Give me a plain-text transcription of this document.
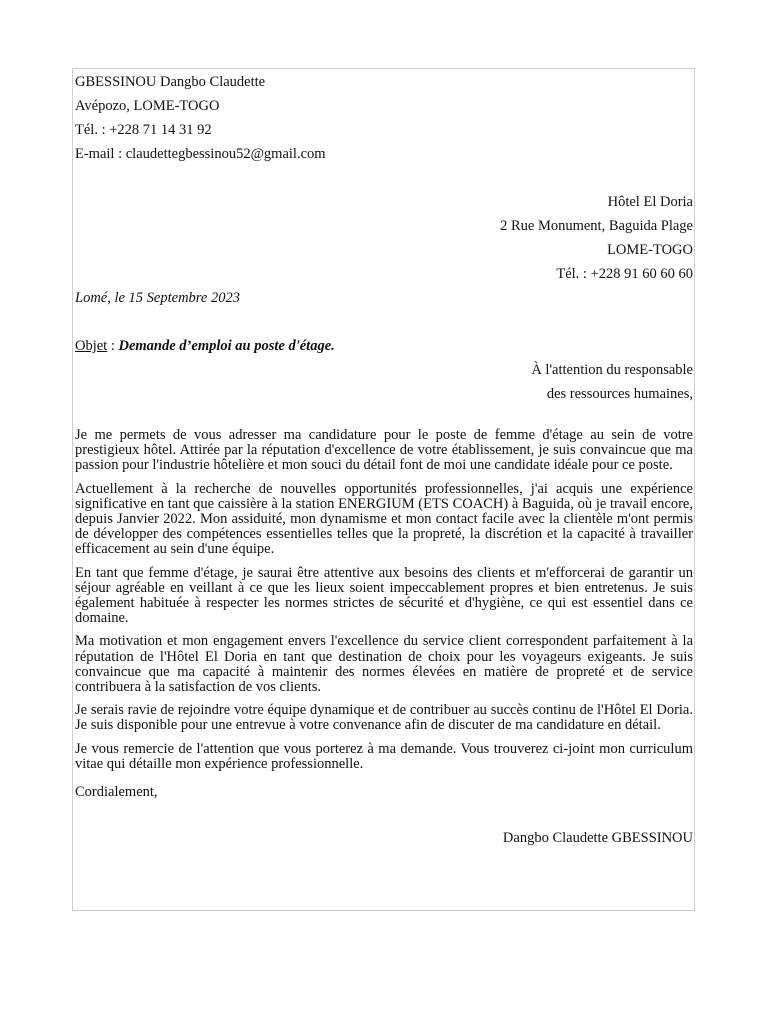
GBESSINOU Dangbo Claudette
Avépozo, LOME-TOGO
Tél. : +228 71 14 31 92
E-mail : claudettegbessinou52@gmail.com
Hôtel El Doria
2 Rue Monument, Baguida Plage
LOME-TOGO
Tél. : +228 91 60 60 60
Lomé, le 15 Septembre 2023
Objet : Demande d’emploi au poste d'étage.
À l'attention du responsable
des ressources humaines,

Je me permets de vous adresser ma candidature pour le poste de femme d'étage au sein de votre prestigieux hôtel. Attirée par la réputation d'excellence de votre établissement, je suis convaincue que ma passion pour l'industrie hôtelière et mon souci du détail font de moi une candidate idéale pour ce poste.

Actuellement à la recherche de nouvelles opportunités professionnelles, j'ai acquis une expérience significative en tant que caissière à la station ENERGIUM (ETS COACH) à Baguida, où je travail encore, depuis Janvier 2022. Mon assiduité, mon dynamisme et mon contact facile avec la clientèle m'ont permis de développer des compétences essentielles telles que la propreté, la discrétion et la capacité à travailler efficacement au sein d'une équipe.

En tant que femme d'étage, je saurai être attentive aux besoins des clients et m'efforcerai de garantir un séjour agréable en veillant à ce que les lieux soient impeccablement propres et bien entretenus. Je suis également habituée à respecter les normes strictes de sécurité et d'hygiène, ce qui est essentiel dans ce domaine.

Ma motivation et mon engagement envers l'excellence du service client correspondent parfaitement à la réputation de l'Hôtel El Doria en tant que destination de choix pour les voyageurs exigeants. Je suis convaincue que ma capacité à maintenir des normes élevées en matière de propreté et de service contribuera à la satisfaction de vos clients.

Je serais ravie de rejoindre votre équipe dynamique et de contribuer au succès continu de l'Hôtel El Doria. Je suis disponible pour une entrevue à votre convenance afin de discuter de ma candidature en détail.

Je vous remercie de l'attention que vous porterez à ma demande. Vous trouverez ci-joint mon curriculum vitae qui détaille mon expérience professionnelle.

Cordialement,
Dangbo Claudette GBESSINOU
